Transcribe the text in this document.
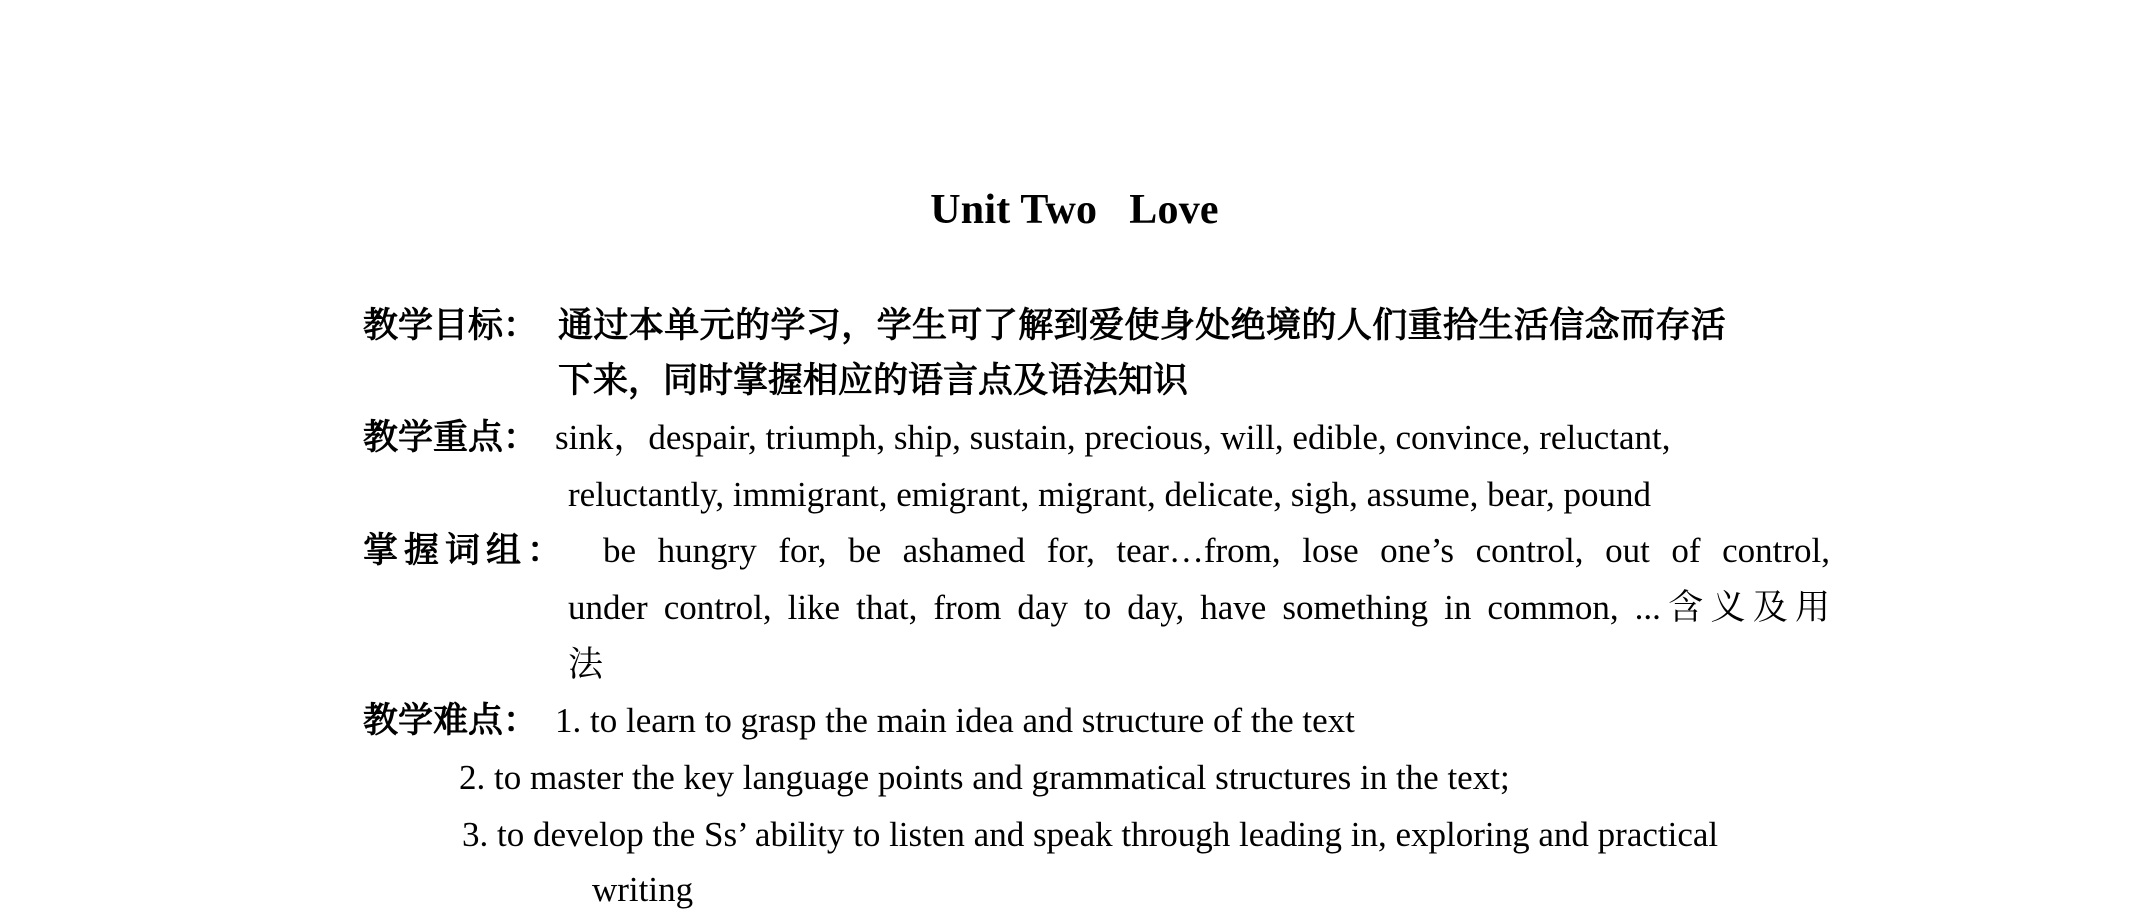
Unit Two   Love
教学目标： 通过本单元的学习，学生可了解到爱使身处绝境的人们重拾生活信念而存活
下来，同时掌握相应的语言点及语法知识
教学重点： sink，despair, triumph, ship, sustain, precious, will, edible, convince, reluctant,
reluctantly, immigrant, emigrant, migrant, delicate, sigh, assume, bear, pound
掌握词组： be hungry for, be ashamed for, tear…from, lose one’s control, out of control,
under control, like that, from day to day, have something in common, ...含义及用
法
教学难点： 1. to learn to grasp the main idea and structure of the text
2. to master the key language points and grammatical structures in the text;
3. to develop the Ss’ ability to listen and speak through leading in, exploring and practical
writing
